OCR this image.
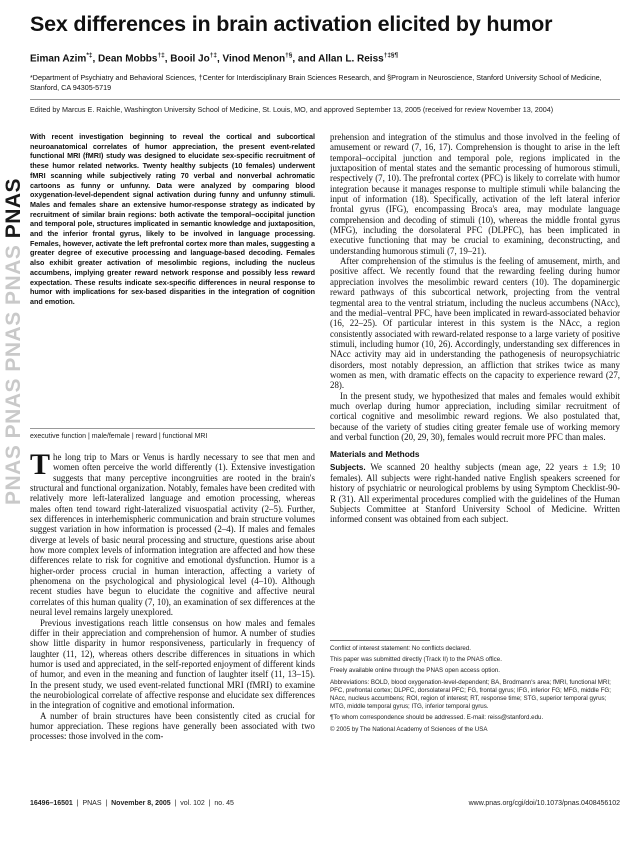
PNAS PNAS PNAS PNAS PNAS
Sex differences in brain activation elicited by humor
Eiman Azim*‡, Dean Mobbs†‡, Booil Jo†‡, Vinod Menon†§, and Allan L. Reiss†‡§¶

*Department of Psychiatry and Behavioral Sciences, †Center for Interdisciplinary Brain Sciences Research, and §Program in Neuroscience, Stanford University School of Medicine, Stanford, CA 94305-5719

Edited by Marcus E. Raichle, Washington University School of Medicine, St. Louis, MO, and approved September 13, 2005 (received for review November 13, 2004)

With recent investigation beginning to reveal the cortical and subcortical neuroanatomical correlates of humor appreciation, the present event-related functional MRI (fMRI) study was designed to elucidate sex-specific recruitment of these humor related networks. Twenty healthy subjects (10 females) underwent fMRI scanning while subjectively rating 70 verbal and nonverbal achromatic cartoons as funny or unfunny. Data were analyzed by comparing blood oxygenation-level-dependent signal activation during funny and unfunny stimuli. Males and females share an extensive humor-response strategy as indicated by recruitment of similar brain regions: both activate the temporal–occipital junction and temporal pole, structures implicated in semantic knowledge and juxtaposition, and the inferior frontal gyrus, likely to be involved in language processing. Females, however, activate the left prefrontal cortex more than males, suggesting a greater degree of executive processing and language-based decoding. Females also exhibit greater activation of mesolimbic regions, including the nucleus accumbens, implying greater reward network response and possibly less reward expectation. These results indicate sex-specific differences in neural response to humor with implications for sex-based disparities in the integration of cognition and emotion.

executive function | male/female | reward | functional MRI

The long trip to Mars or Venus is hardly necessary to see that men and women often perceive the world differently (1). Extensive investigation suggests that many perceptive incongruities are rooted in the brain's structural and functional organization. Notably, females have been credited with relatively more left-lateralized language and emotion processing, whereas males often tend toward right-lateralized visuospatial activity (2–5). Further, sex differences in interhemispheric communication and brain structure volumes suggest variation in how information is processed (2–4). If males and females diverge at levels of basic neural processing and structure, questions arise about how more complex levels of information integration are affected and how these differences relate to risk for cognitive and emotional dysfunction. Humor is a higher-order process crucial in human interaction, affecting a variety of phenomena on the psychological and physiological level (4–10). Although recent studies have begun to elucidate the cognitive and affective neural correlates of this human quality (7, 10), an examination of sex differences at the neural level remains largely unexplored.

Previous investigations reach little consensus on how males and females differ in their appreciation and comprehension of humor. A number of studies show little disparity in humor responsiveness, particularly in frequency of laughter (11, 12), whereas others describe differences in situations in which humor is used and appreciated, in the self-reported enjoyment of different kinds of humor, and even in the meaning and function of laughter itself (11, 13–15). In the present study, we used event-related functional MRI (fMRI) to examine the neurobiological correlate of affective response and elucidate sex differences in the integration of cognitive and emotional information.

A number of brain structures have been consistently cited as crucial for humor appreciation. These regions have generally been associated with two processes: those involved in the com-

prehension and integration of the stimulus and those involved in the feeling of amusement or reward (7, 16, 17). Comprehension is thought to arise in the left temporal–occipital junction and temporal pole, regions implicated in the juxtaposition of mental states and the semantic processing of humorous stimuli, respectively (7, 10). The prefrontal cortex (PFC) is likely to correlate with humor integration because it manages response to multiple stimuli while balancing the input of information (18). Specifically, activation of the left lateral inferior frontal gyrus (IFG), encompassing Broca's area, may modulate language comprehension and decoding of stimuli (10), whereas the middle frontal gyrus (MFG), including the dorsolateral PFC (DLPFC), has been implicated in executive functioning that may be crucial to examining, deconstructing, and understanding humorous stimuli (7, 19–21).

After comprehension of the stimulus is the feeling of amusement, mirth, and positive affect. We recently found that the rewarding feeling during humor appreciation involves the mesolimbic reward centers (10). The dopaminergic reward pathways of this subcortical network, projecting from the ventral tegmental area to the ventral striatum, including the nucleus accumbens (NAcc), and the medial–ventral PFC, have been implicated in reward-associated behavior (16, 22–25). Of particular interest in this system is the NAcc, a region consistently associated with reward-related response to a large variety of positive stimuli, including humor (10, 26). Accordingly, understanding sex differences in NAcc activity may aid in understanding the pathogenesis of neuropsychiatric disorders, most notably depression, an affliction that strikes twice as many women as men, with dramatic effects on the capacity to experience reward (27, 28).

In the present study, we hypothesized that males and females would exhibit much overlap during humor appreciation, including similar recruitment of cortical cognitive and mesolimbic reward regions. We also postulated that, because of the variety of studies citing greater female use of working memory and verbal function (20, 29, 30), females would recruit more PFC than males.

Materials and Methods

Subjects. We scanned 20 healthy subjects (mean age, 22 years ± 1.9; 10 females). All subjects were right-handed native English speakers screened for history of psychiatric or neurological problems by using Symptom Checklist-90-R (31). All experimental procedures complied with the guidelines of the Human Subjects Committee at Stanford University School of Medicine. Written informed consent was obtained from each subject.

Conflict of interest statement: No conflicts declared.

This paper was submitted directly (Track II) to the PNAS office.

Freely available online through the PNAS open access option.

Abbreviations: BOLD, blood oxygenation-level-dependent; BA, Brodmann's area; fMRI, functional MRI; PFC, prefrontal cortex; DLPFC, dorsolateral PFC; FG, frontal gyrus; IFG, inferior FG; MFG, middle FG; NAcc, nucleus accumbens; ROI, region of interest; RT, response time; STG, superior temporal gyrus; MTG, middle temporal gyrus; ITG, inferior temporal gyrus.

¶To whom correspondence should be addressed. E-mail: reiss@stanford.edu.

© 2005 by The National Academy of Sciences of the USA

16496–16501  |  PNAS  |  November 8, 2005  |  vol. 102  |  no. 45	www.pnas.org/cgi/doi/10.1073/pnas.0408456102
